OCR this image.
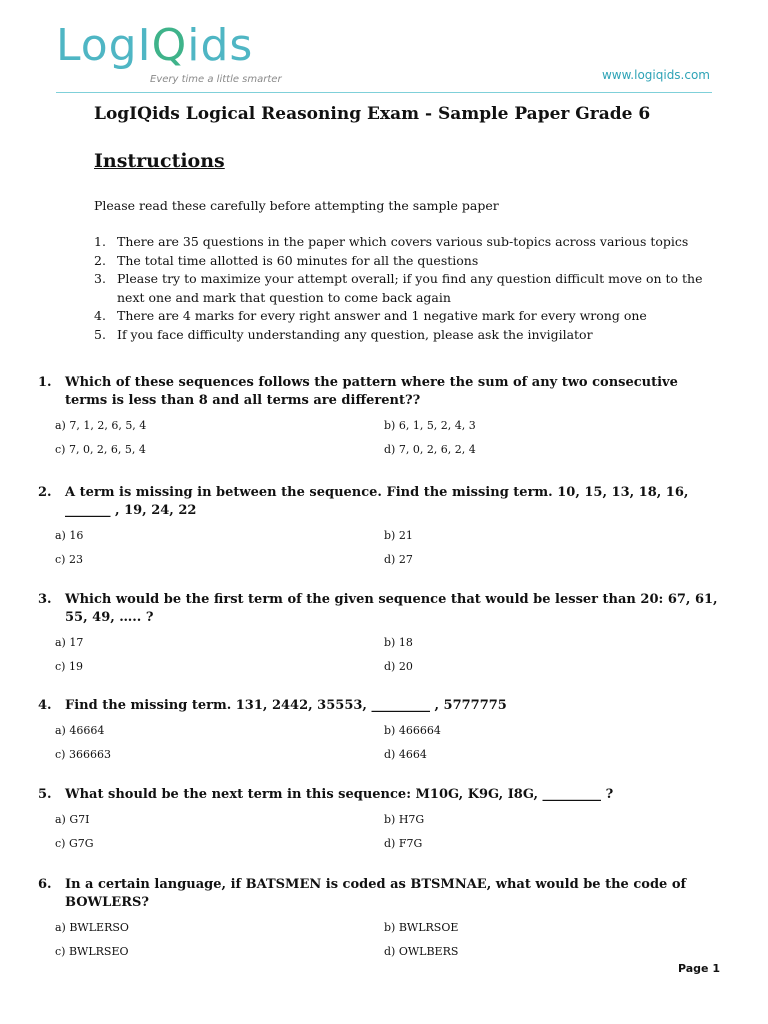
LogIQids
Every time a little smarter	www.logiqids.com
LogIQids Logical Reasoning Exam - Sample Paper Grade 6
Instructions

Please read these carefully before attempting the sample paper

1. There are 35 questions in the paper which covers various sub-topics across various topics
2. The total time allotted is 60 minutes for all the questions
3. Please try to maximize your attempt overall; if you find any question difficult move on to the next one and mark that question to come back again
4. There are 4 marks for every right answer and 1 negative mark for every wrong one
5. If you face difficulty understanding any question, please ask the invigilator

1. Which of these sequences follows the pattern where the sum of any two consecutive terms is less than 8 and all terms are different??

a) 7, 1, 2, 6, 5, 4	b) 6, 1, 5, 2, 4, 3
c) 7, 0, 2, 6, 5, 4	d) 7, 0, 2, 6, 2, 4

2. A term is missing in between the sequence. Find the missing term. 10, 15, 13, 18, 16, _______ , 19, 24, 22

a) 16	b) 21
c) 23	d) 27

3. Which would be the first term of the given sequence that would be lesser than 20: 67, 61, 55, 49, ….. ?

a) 17	b) 18
c) 19	d) 20

4. Find the missing term. 131, 2442, 35553, _________ , 5777775

a) 46664	b) 466664
c) 366663	d) 4664

5. What should be the next term in this sequence: M10G, K9G, I8G, _________ ?

a) G7I	b) H7G
c) G7G	d) F7G

6. In a certain language, if BATSMEN is coded as BTSMNAE, what would be the code of BOWLERS?

a) BWLERSO	b) BWLRSOE
c) BWLRSEO	d) OWLBERS
Page 1
